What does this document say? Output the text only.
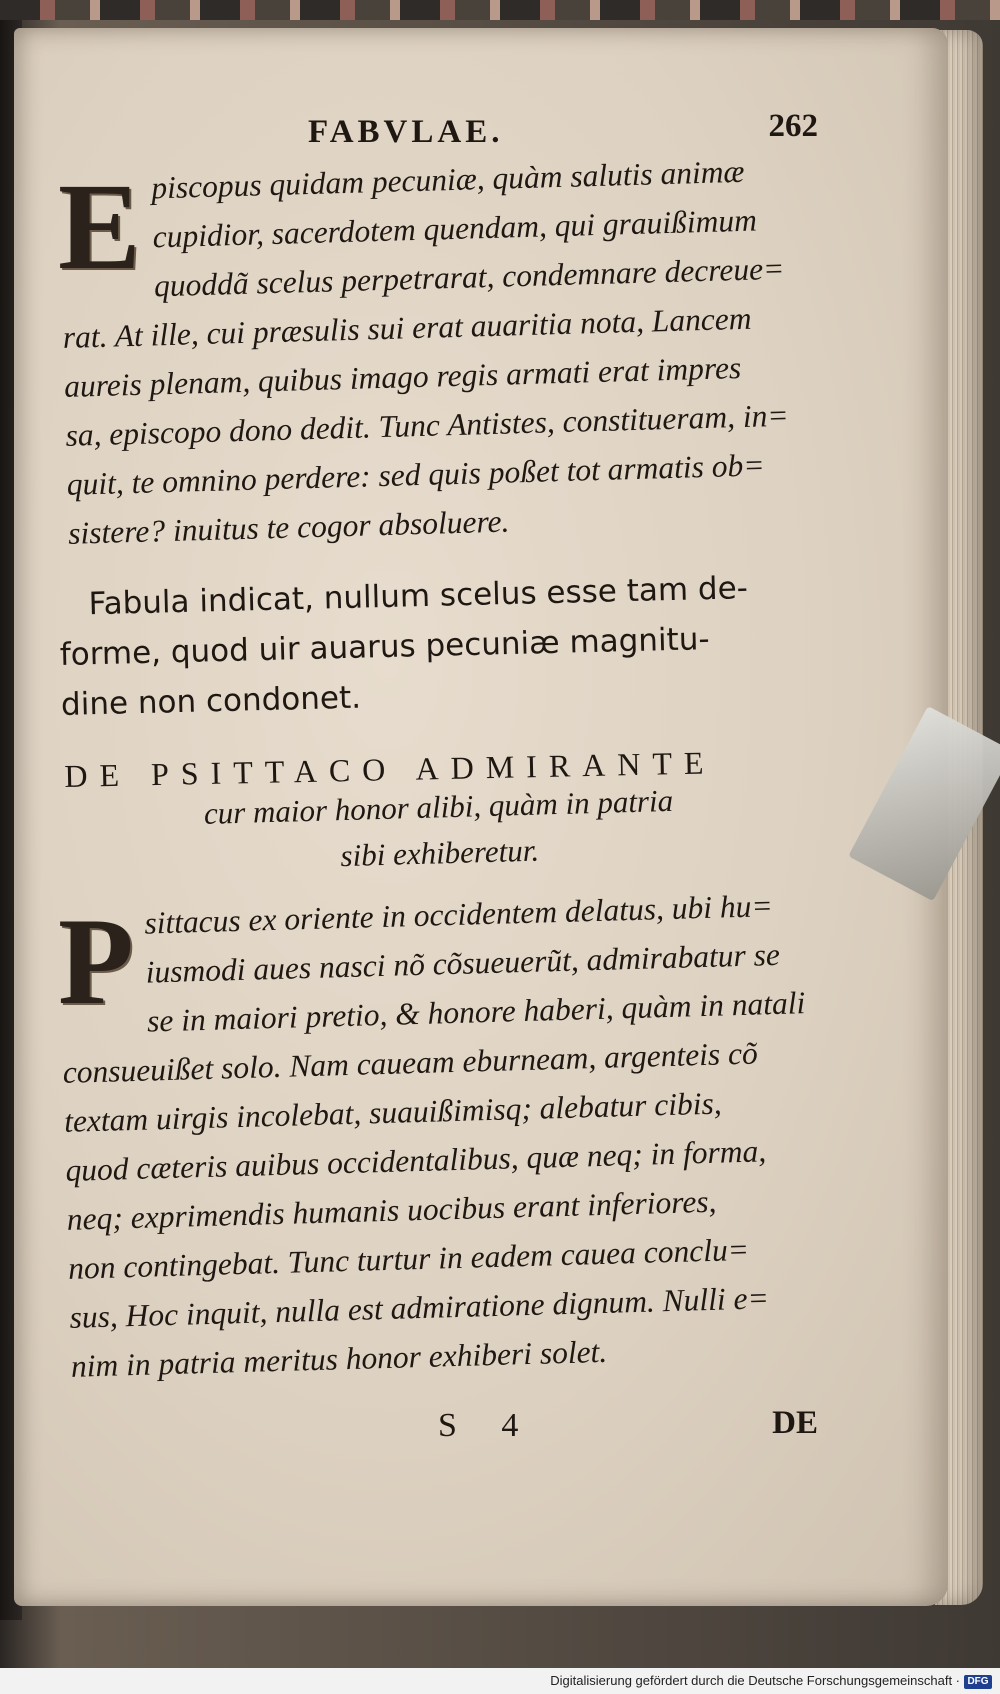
FABVLAE.	262
E piscopus quidam pecuniæ, quàm salutis animæ
cupidior, sacerdotem quendam, qui grauißimum
quoddã scelus perpetrarat, condemnare decreue=
rat. At ille, cui præsulis sui erat auaritia nota, Lancem
aureis plenam, quibus imago regis armati erat impres
sa, episcopo dono dedit. Tunc Antistes, constitueram, in=
quit, te omnino perdere: sed quis poßet tot armatis ob=
sistere? inuitus te cogor absoluere.

Fabula indicat, nullum scelus esse tam de-
forme, quod uir auarus pecuniæ magnitu-
dine non condonet.

DE PSITTACO ADMIRANTE

cur maior honor alibi, quàm in patria
sibi exhiberetur.

P sittacus ex oriente in occidentem delatus, ubi hu=
iusmodi aues nasci nõ cõsueuerũt, admirabatur se
se in maiori pretio, & honore haberi, quàm in natali
consueuißet solo. Nam caueam eburneam, argenteis cõ
textam uirgis incolebat, suauißimisq; alebatur cibis,
quod cæteris auibus occidentalibus, quæ neq; in forma,
neq; exprimendis humanis uocibus erant inferiores,
non contingebat. Tunc turtur in eadem cauea conclu=
sus, Hoc inquit, nulla est admiratione dignum. Nulli e=
nim in patria meritus honor exhiberi solet.

S 4	DE
Digitalisierung gefördert durch die Deutsche Forschungsgemeinschaft · DFG
